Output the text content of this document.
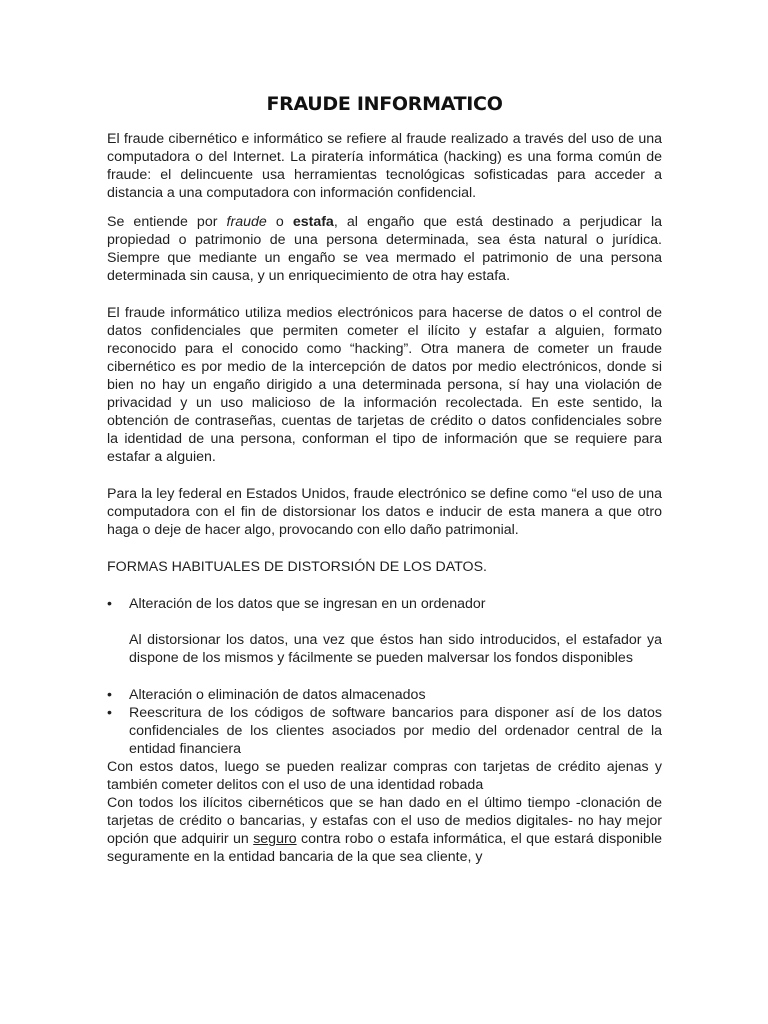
FRAUDE INFORMATICO

El fraude cibernético e informático se refiere al fraude realizado a través del uso de una computadora o del Internet. La piratería informática (hacking) es una forma común de fraude: el delincuente usa herramientas tecnológicas sofisticadas para acceder a distancia a una computadora con información confidencial.

Se entiende por fraude o estafa, al engaño que está destinado a perjudicar la propiedad o patrimonio de una persona determinada, sea ésta natural o jurídica. Siempre que mediante un engaño se vea mermado el patrimonio de una persona determinada sin causa, y un enriquecimiento de otra hay estafa.

El fraude informático utiliza medios electrónicos para hacerse de datos o el control de datos confidenciales que permiten cometer el ilícito y estafar a alguien, formato reconocido para el conocido como “hacking”. Otra manera de cometer un fraude cibernético es por medio de la intercepción de datos por medio electrónicos, donde si bien no hay un engaño dirigido a una determinada persona, sí hay una violación de privacidad y un uso malicioso de la información recolectada. En este sentido, la obtención de contraseñas, cuentas de tarjetas de crédito o datos confidenciales sobre la identidad de una persona, conforman el tipo de información que se requiere para estafar a alguien.

Para la ley federal en Estados Unidos, fraude electrónico se define como “el uso de una computadora con el fin de distorsionar los datos e inducir de esta manera a que otro haga o deje de hacer algo, provocando con ello daño patrimonial.

FORMAS HABITUALES DE DISTORSIÓN DE LOS DATOS.

•	Alteración de los datos que se ingresan en un ordenador

Al distorsionar los datos, una vez que éstos han sido introducidos, el estafador ya dispone de los mismos y fácilmente se pueden malversar los fondos disponibles

•	Alteración o eliminación de datos almacenados
•	Reescritura de los códigos de software bancarios para disponer así de los datos confidenciales de los clientes asociados por medio del ordenador central de la entidad financiera

Con estos datos, luego se pueden realizar compras con tarjetas de crédito ajenas y también cometer delitos con el uso de una identidad robada

Con todos los ilícitos cibernéticos que se han dado en el último tiempo -clonación de tarjetas de crédito o bancarias, y estafas con el uso de medios digitales- no hay mejor opción que adquirir un seguro contra robo o estafa informática, el que estará disponible seguramente en la entidad bancaria de la que sea cliente, y
